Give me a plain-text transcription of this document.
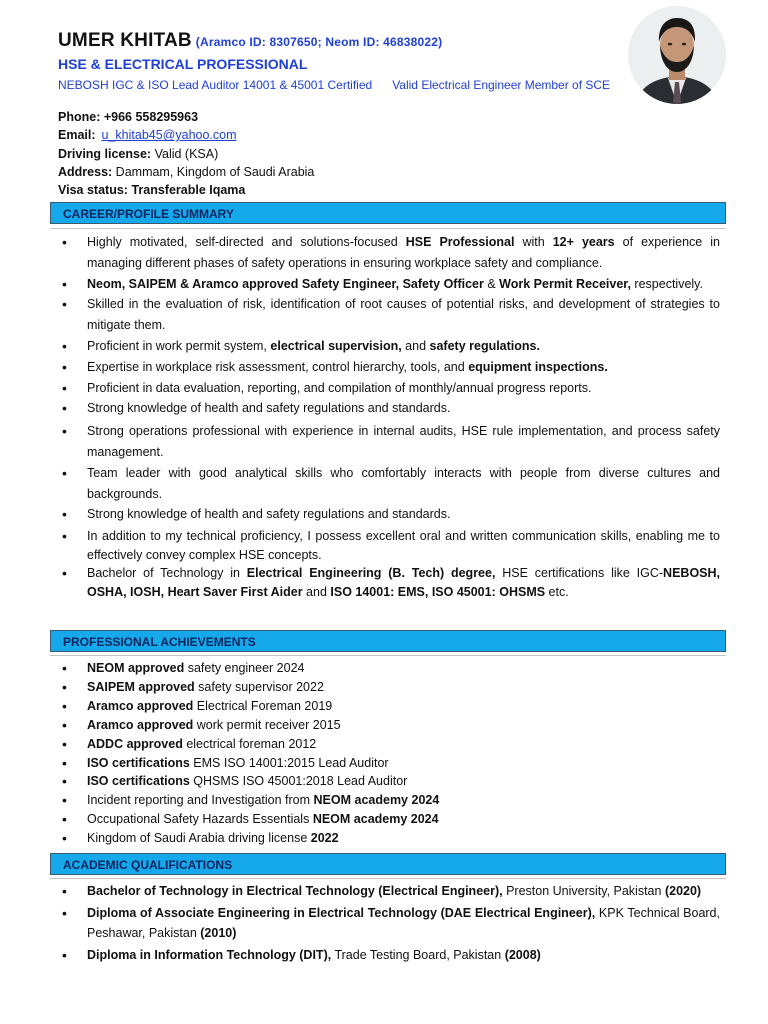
UMER KHITAB (Aramco ID: 8307650; Neom ID: 46838022)
HSE & ELECTRICAL PROFESSIONAL
NEBOSH IGC & ISO Lead Auditor 14001 & 45001 Certified Valid Electrical Engineer Member of SCE
Phone: +966 558295963
Email: u_khitab45@yahoo.com
Driving license: Valid (KSA)
Address: Dammam, Kingdom of Saudi Arabia
Visa status: Transferable Iqama
CAREER/PROFILE SUMMARY
• Highly motivated, self-directed and solutions-focused HSE Professional with 12+ years of experience in managing different phases of safety operations in ensuring workplace safety and compliance.
• Neom, SAIPEM & Aramco approved Safety Engineer, Safety Officer & Work Permit Receiver, respectively.
• Skilled in the evaluation of risk, identification of root causes of potential risks, and development of strategies to mitigate them.
• Proficient in work permit system, electrical supervision, and safety regulations.
• Expertise in workplace risk assessment, control hierarchy, tools, and equipment inspections.
• Proficient in data evaluation, reporting, and compilation of monthly/annual progress reports.
• Strong knowledge of health and safety regulations and standards.
• Strong operations professional with experience in internal audits, HSE rule implementation, and process safety management.
• Team leader with good analytical skills who comfortably interacts with people from diverse cultures and backgrounds.
• Strong knowledge of health and safety regulations and standards.
• In addition to my technical proficiency, I possess excellent oral and written communication skills, enabling me to effectively convey complex HSE concepts.
• Bachelor of Technology in Electrical Engineering (B. Tech) degree, HSE certifications like IGC-NEBOSH, OSHA, IOSH, Heart Saver First Aider and ISO 14001: EMS, ISO 45001: OHSMS etc.
PROFESSIONAL ACHIEVEMENTS
• NEOM approved safety engineer 2024
• SAIPEM approved safety supervisor 2022
• Aramco approved Electrical Foreman 2019
• Aramco approved work permit receiver 2015
• ADDC approved electrical foreman 2012
• ISO certifications EMS ISO 14001:2015 Lead Auditor
• ISO certifications QHSMS ISO 45001:2018 Lead Auditor
• Incident reporting and Investigation from NEOM academy 2024
• Occupational Safety Hazards Essentials NEOM academy 2024
• Kingdom of Saudi Arabia driving license 2022
ACADEMIC QUALIFICATIONS
• Bachelor of Technology in Electrical Technology (Electrical Engineer), Preston University, Pakistan (2020)
• Diploma of Associate Engineering in Electrical Technology (DAE Electrical Engineer), KPK Technical Board, Peshawar, Pakistan (2010)
• Diploma in Information Technology (DIT), Trade Testing Board, Pakistan (2008)
